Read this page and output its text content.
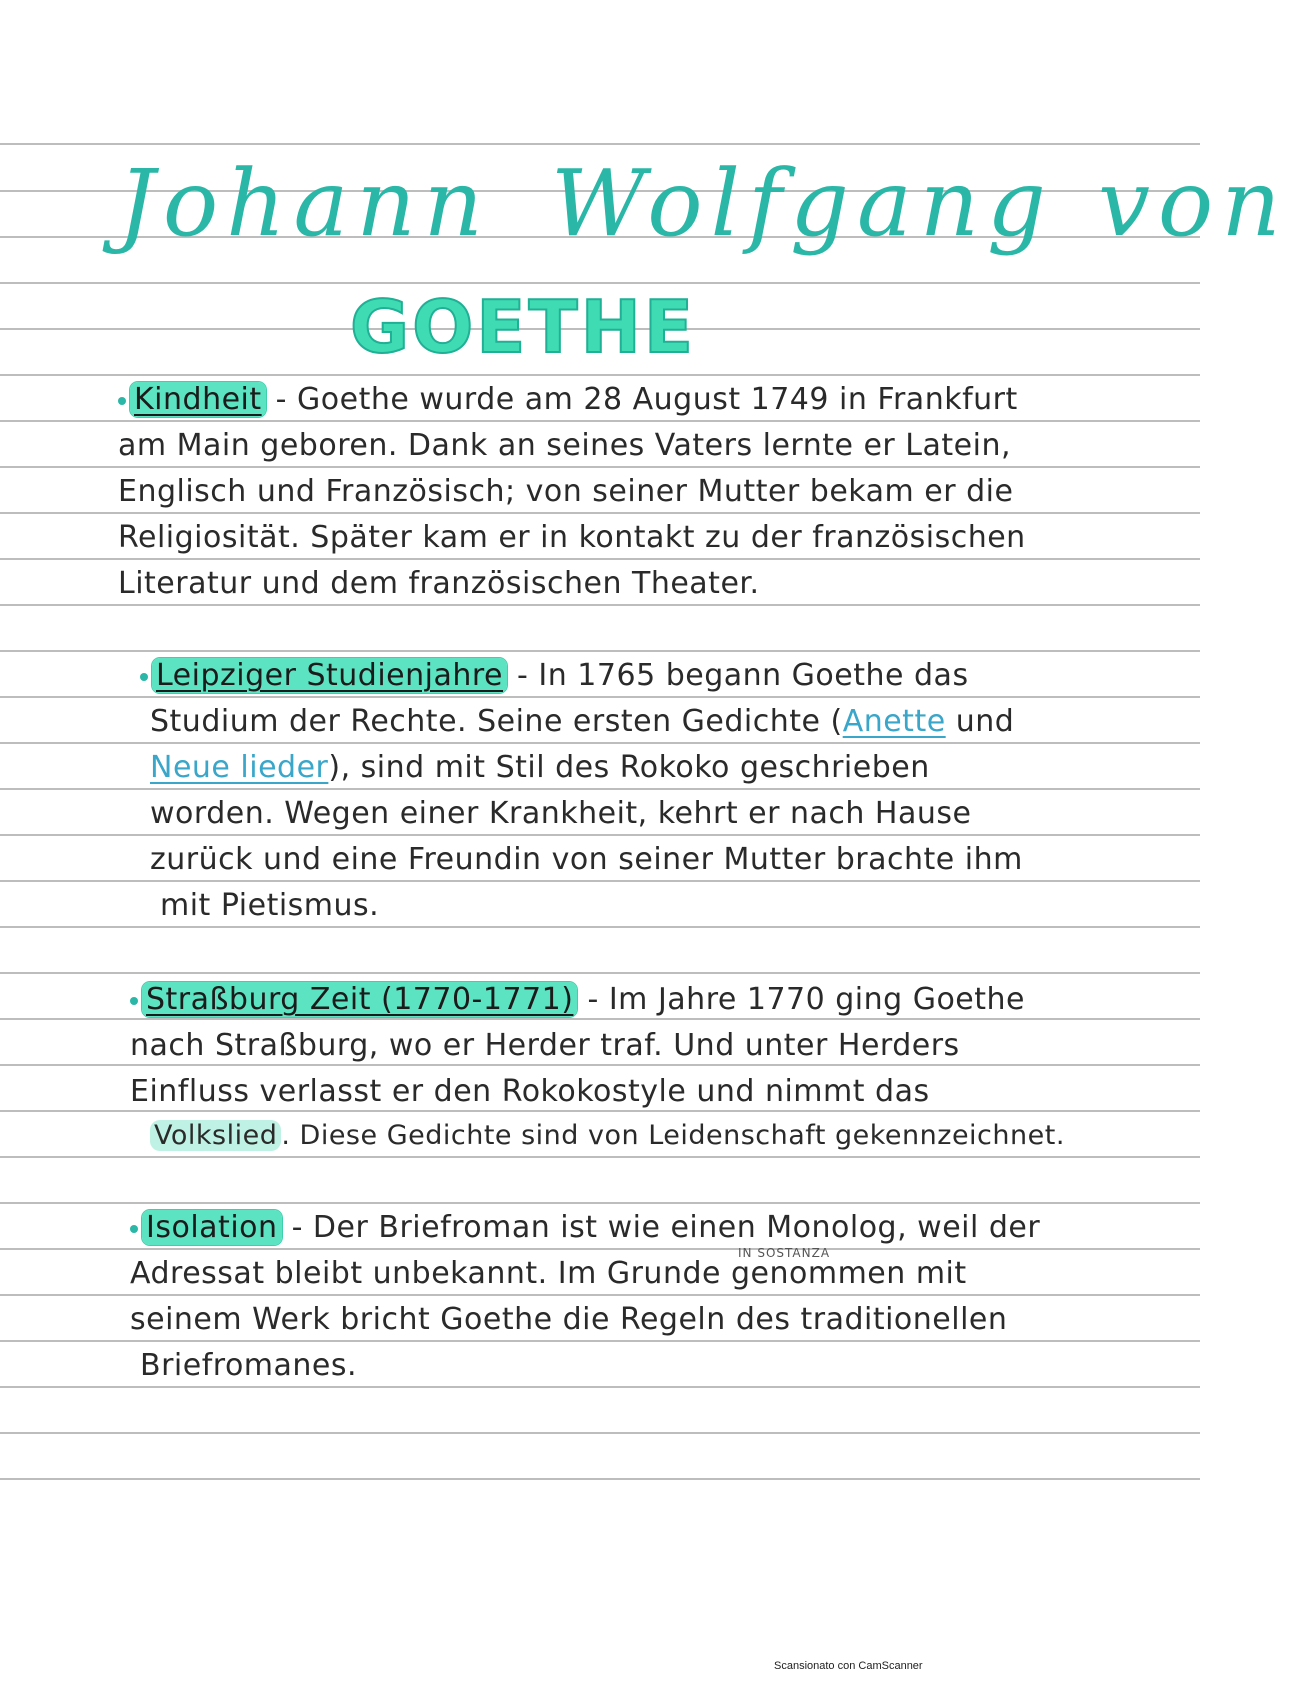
Johann Wolfgang von
GOETHE
Kindheit - Goethe wurde am 28 August 1749 in Frankfurt
am Main geboren. Dank an seines Vaters lernte er Latein,
Englisch und Französisch; von seiner Mutter bekam er die
Religiosität. Später kam er in kontakt zu der französischen
Literatur und dem französischen Theater.
Leipziger Studienjahre - In 1765 begann Goethe das
Studium der Rechte. Seine ersten Gedichte (Anette und
Neue lieder), sind mit Stil des Rokoko geschrieben
worden. Wegen einer Krankheit, kehrt er nach Hause
zurück und eine Freundin von seiner Mutter brachte ihm
mit Pietismus.
Straßburg Zeit (1770-1771) - Im Jahre 1770 ging Goethe
nach Straßburg, wo er Herder traf. Und unter Herders
Einfluss verlasst er den Rokokostyle und nimmt das
Volkslied . Diese Gedichte sind von Leidenschaft gekennzeichnet.
Isolation - Der Briefroman ist wie einen Monolog, weil der
IN SOSTANZA
Adressat bleibt unbekannt. Im Grunde genommen mit
seinem Werk bricht Goethe die Regeln des traditionellen
Briefromanes.
Scansionato con CamScanner
